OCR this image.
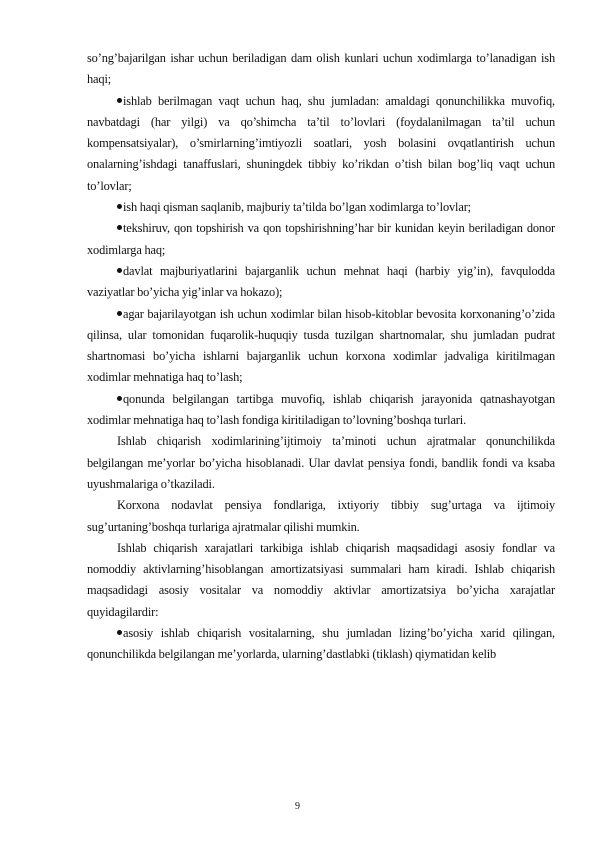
so’ng’bajarilgan ishar uchun beriladigan dam olish kunlari uchun xodimlarga to’lanadigan ish haqi;

ishlab berilmagan vaqt uchun haq, shu jumladan: amaldagi qonunchilikka muvofiq, navbatdagi (har yilgi) va qo’shimcha ta’til to’lovlari (foydalanilmagan ta’til uchun kompensatsiyalar), o’smirlarning’imtiyozli soatlari, yosh bolasini ovqatlantirish uchun onalarning’ishdagi tanaffuslari, shuningdek tibbiy ko’rikdan o’tish bilan bog’liq vaqt uchun to’lovlar;

ish haqi qisman saqlanib, majburiy ta’tilda bo’lgan xodimlarga to’lovlar;

tekshiruv, qon topshirish va qon topshirishning’har bir kunidan keyin beriladigan donor xodimlarga haq;

davlat majburiyatlarini bajarganlik uchun mehnat haqi (harbiy yig’in), favqulodda vaziyatlar bo’yicha yig’inlar va hokazo);

agar bajarilayotgan ish uchun xodimlar bilan hisob-kitoblar bevosita korxonaning’o’zida qilinsa, ular tomonidan fuqarolik-huquqiy tusda tuzilgan shartnomalar, shu jumladan pudrat shartnomasi bo’yicha ishlarni bajarganlik uchun korxona xodimlar jadvaliga kiritilmagan xodimlar mehnatiga haq to’lash;

qonunda belgilangan tartibga muvofiq, ishlab chiqarish jarayonida qatnashayotgan xodimlar mehnatiga haq to’lash fondiga kiritiladigan to’lovning’boshqa turlari.

Ishlab chiqarish xodimlarining’ijtimoiy ta’minoti uchun ajratmalar qonunchilikda belgilangan me’yorlar bo’yicha hisoblanadi. Ular davlat pensiya fondi, bandlik fondi va ksaba uyushmalariga o’tkaziladi.

Korxona nodavlat pensiya fondlariga, ixtiyoriy tibbiy sug’urtaga va ijtimoiy sug’urtaning’boshqa turlariga ajratmalar qilishi mumkin.

Ishlab chiqarish xarajatlari tarkibiga ishlab chiqarish maqsadidagi asosiy fondlar va nomoddiy aktivlarning’hisoblangan amortizatsiyasi summalari ham kiradi. Ishlab chiqarish maqsadidagi asosiy vositalar va nomoddiy aktivlar amortizatsiya bo’yicha xarajatlar quyidagilardir:

asosiy ishlab chiqarish vositalarning, shu jumladan lizing’bo’yicha xarid qilingan, qonunchilikda belgilangan me’yorlarda, ularning’dastlabki (tiklash) qiymatidan kelib

9
